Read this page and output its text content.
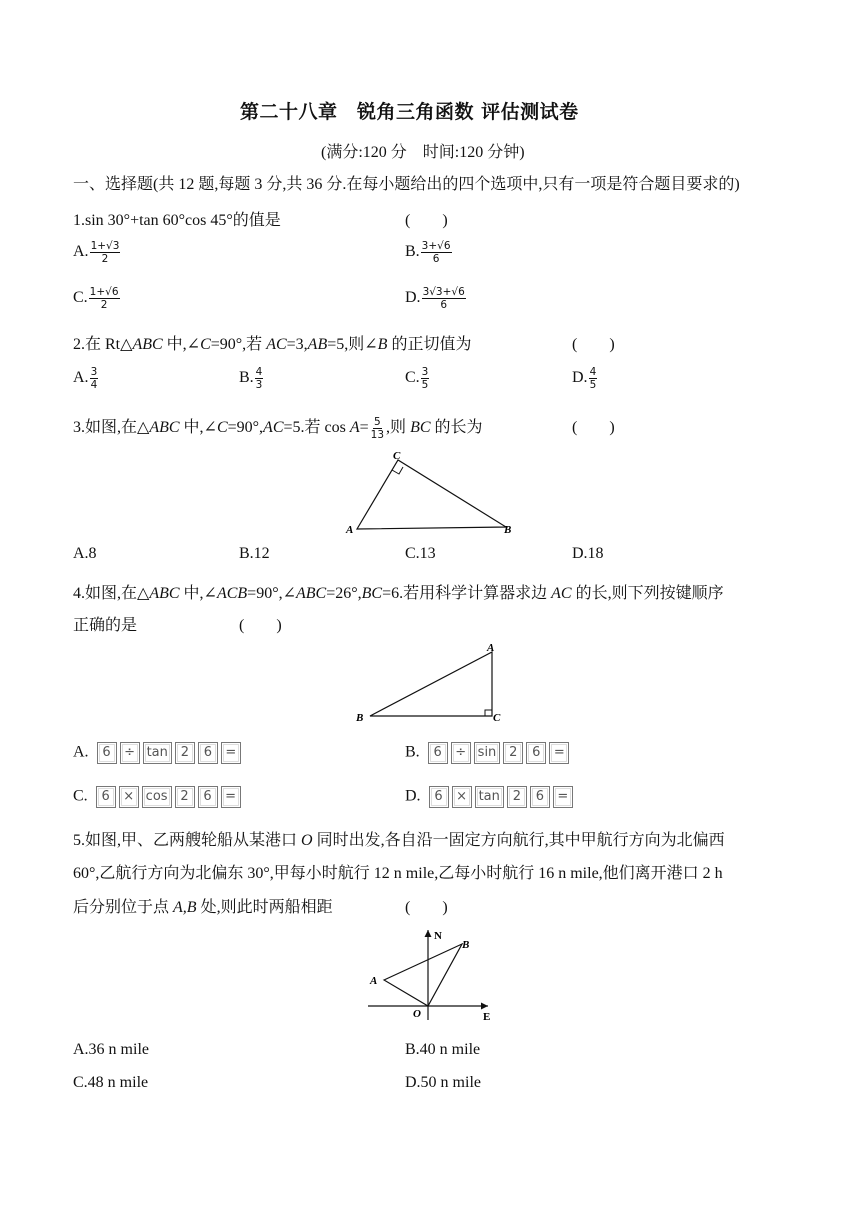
第二十八章　锐角三角函数 评估测试卷
(满分:120 分　时间:120 分钟)
一、选择题(共 12 题,每题 3 分,共 36 分.在每小题给出的四个选项中,只有一项是符合题目要求的)
1.sin 30°+tan 60°cos 45°的值是	(　　)
A. $\frac{1+√3}{2}$	B. $\frac{3+√6}{6}$
C. $\frac{1+√6}{2}$	D. $\frac{3√3+√6}{6}$
2.在 Rt△ABC 中,∠C=90°,若 AC=3,AB=5,则∠B 的正切值为	(　　)
A. $\frac{3}{4}$	B. $\frac{4}{3}$	C. $\frac{3}{5}$	D. $\frac{4}{5}$
3.如图,在△ABC 中,∠C=90°,AC=5.若 $\cos A= \frac{5}{13}$ ,则 BC 的长为	(　　)
A
C
B
A.8	B.12	C.13	D.18
4.如图,在△ABC 中,∠ACB=90°,∠ABC=26°,BC=6.若用科学计算器求边 AC 的长,则下列按键顺序
正确的是	(　　)
B
A
C
A.	6	÷ tan 2	6	=	B.	6	÷ sin 2	6	=
C.	6	× cos 2	6	=	D.	6	× tan 2	6	=
5.如图,甲、乙两艘轮船从某港口 O 同时出发,各自沿一固定方向航行,其中甲航行方向为北偏西
60°,乙航行方向为北偏东 30°,甲每小时航行 12 n mile,乙每小时航行 16 n mile,他们离开港口 2 h
后分别位于点 A,B 处,则此时两船相距	(　　)
N
E
A
B
O
A.36 n mile	B.40 n mile
C.48 n mile	D.50 n mile
